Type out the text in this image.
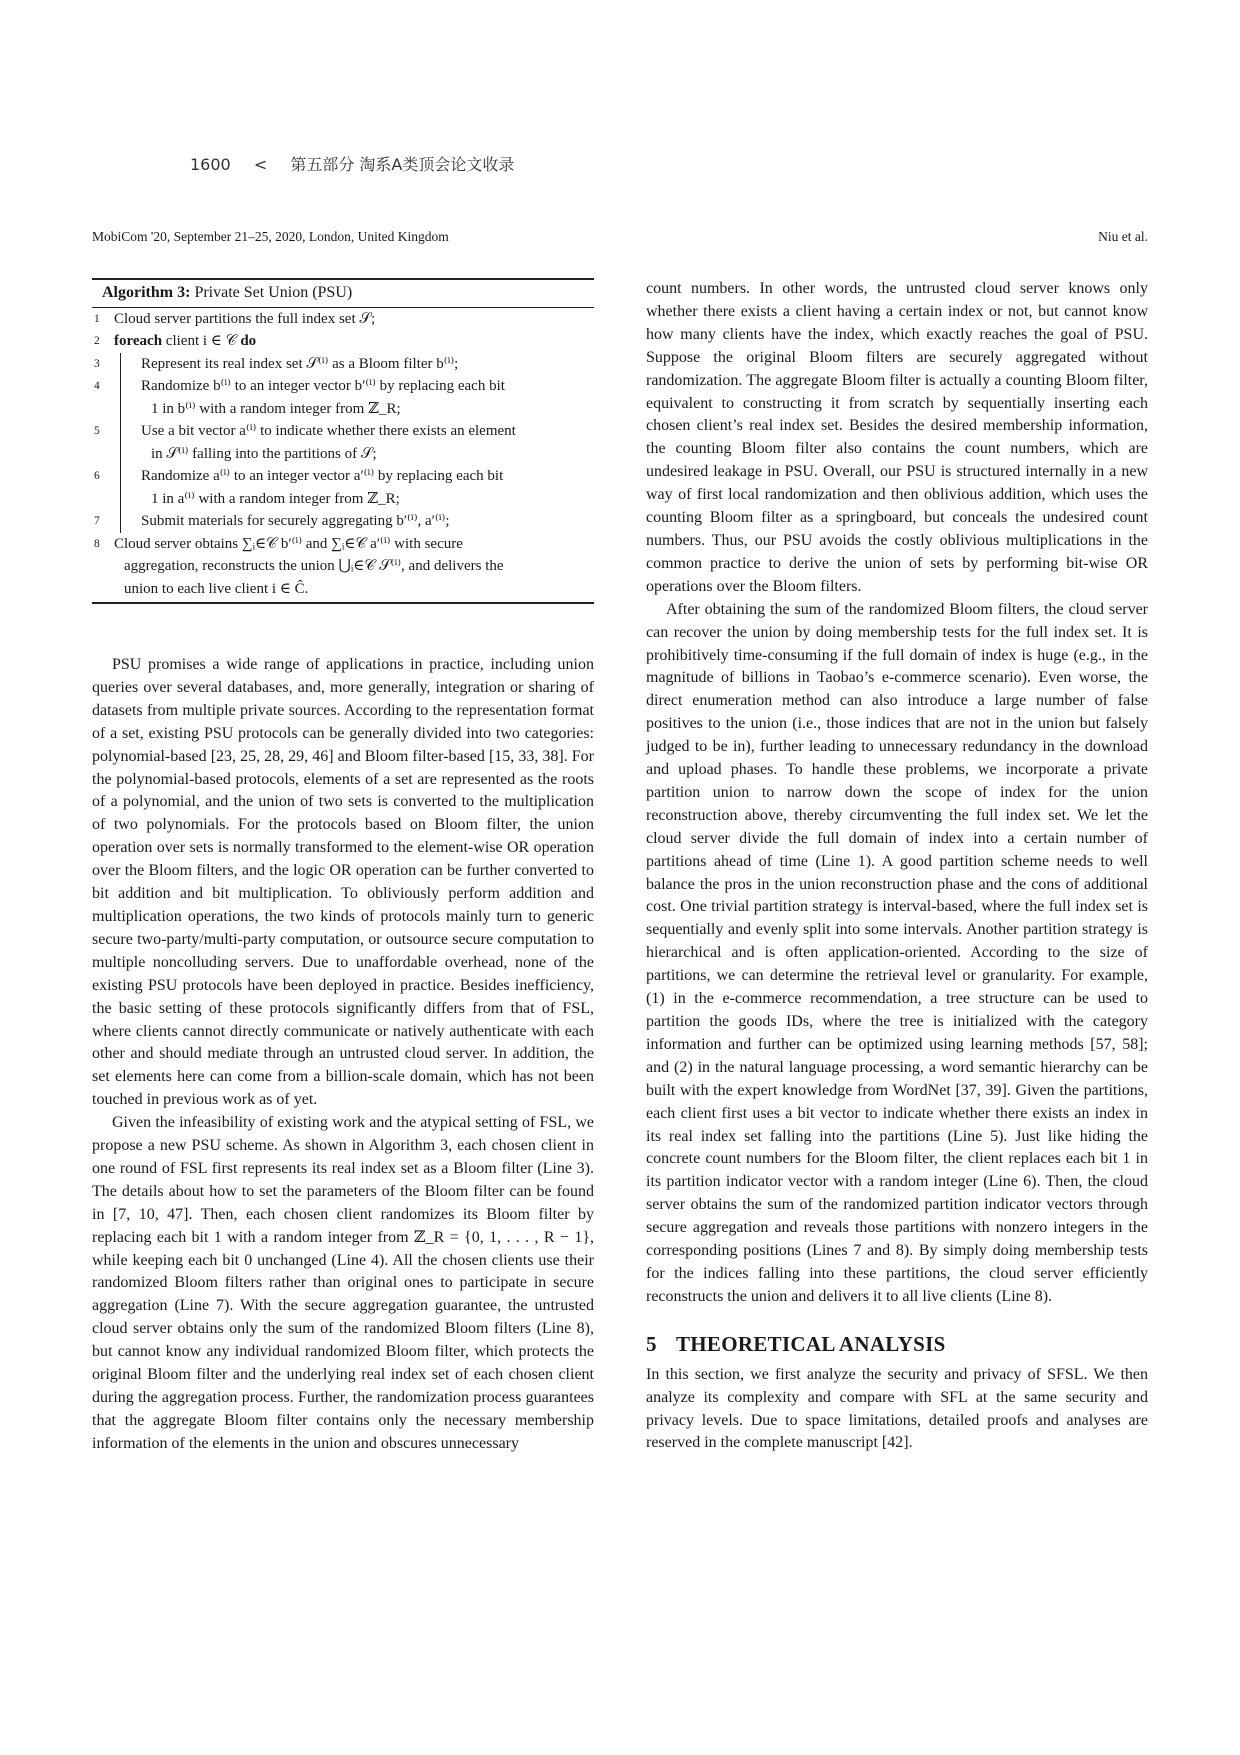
1600 < 第五部分 淘系A类顶会论文收录
MobiCom '20, September 21–25, 2020, London, United Kingdom	Niu et al.
Algorithm 3: Private Set Union (PSU)
1 Cloud server partitions the full index set 𝒮;
2 foreach client i ∈ 𝒞 do
3
4
5
6
7
Represent its real index set 𝒮⁽ⁱ⁾ as a Bloom filter b⁽ⁱ⁾;
Randomize b⁽ⁱ⁾ to an integer vector b′⁽ⁱ⁾ by replacing each bit
1 in b⁽ⁱ⁾ with a random integer from ℤ_R;
Use a bit vector a⁽ⁱ⁾ to indicate whether there exists an element
in 𝒮⁽ⁱ⁾ falling into the partitions of 𝒮;
Randomize a⁽ⁱ⁾ to an integer vector a′⁽ⁱ⁾ by replacing each bit
1 in a⁽ⁱ⁾ with a random integer from ℤ_R;
Submit materials for securely aggregating b′⁽ⁱ⁾, a′⁽ⁱ⁾;
8 Cloud server obtains ∑ᵢ∈𝒞 b′⁽ⁱ⁾ and ∑ᵢ∈𝒞 a′⁽ⁱ⁾ with secure
aggregation, reconstructs the union ⋃ᵢ∈𝒞 𝒮⁽ⁱ⁾, and delivers the
union to each live client i ∈ Ĉ.

PSU promises a wide range of applications in practice, including union queries over several databases, and, more generally, integration or sharing of datasets from multiple private sources. According to the representation format of a set, existing PSU protocols can be generally divided into two categories: polynomial-based [23, 25, 28, 29, 46] and Bloom filter-based [15, 33, 38]. For the polynomial-based protocols, elements of a set are represented as the roots of a polynomial, and the union of two sets is converted to the multiplication of two polynomials. For the protocols based on Bloom filter, the union operation over sets is normally transformed to the element-wise OR operation over the Bloom filters, and the logic OR operation can be further converted to bit addition and bit multiplication. To obliviously perform addition and multiplication operations, the two kinds of protocols mainly turn to generic secure two-party/multi-party computation, or outsource secure computation to multiple noncolluding servers. Due to unaffordable overhead, none of the existing PSU protocols have been deployed in practice. Besides inefficiency, the basic setting of these protocols significantly differs from that of FSL, where clients cannot directly communicate or natively authenticate with each other and should mediate through an untrusted cloud server. In addition, the set elements here can come from a billion-scale domain, which has not been touched in previous work as of yet.

Given the infeasibility of existing work and the atypical setting of FSL, we propose a new PSU scheme. As shown in Algorithm 3, each chosen client in one round of FSL first represents its real index set as a Bloom filter (Line 3). The details about how to set the parameters of the Bloom filter can be found in [7, 10, 47]. Then, each chosen client randomizes its Bloom filter by replacing each bit 1 with a random integer from ℤ_R = {0, 1, . . . , R − 1}, while keeping each bit 0 unchanged (Line 4). All the chosen clients use their randomized Bloom filters rather than original ones to participate in secure aggregation (Line 7). With the secure aggregation guarantee, the untrusted cloud server obtains only the sum of the randomized Bloom filters (Line 8), but cannot know any individual randomized Bloom filter, which protects the original Bloom filter and the underlying real index set of each chosen client during the aggregation process. Further, the randomization process guarantees that the aggregate Bloom filter contains only the necessary membership information of the elements in the union and obscures unnecessary

count numbers. In other words, the untrusted cloud server knows only whether there exists a client having a certain index or not, but cannot know how many clients have the index, which exactly reaches the goal of PSU. Suppose the original Bloom filters are securely aggregated without randomization. The aggregate Bloom filter is actually a counting Bloom filter, equivalent to constructing it from scratch by sequentially inserting each chosen client’s real index set. Besides the desired membership information, the counting Bloom filter also contains the count numbers, which are undesired leakage in PSU. Overall, our PSU is structured internally in a new way of first local randomization and then oblivious addition, which uses the counting Bloom filter as a springboard, but conceals the undesired count numbers. Thus, our PSU avoids the costly oblivious multiplications in the common practice to derive the union of sets by performing bit-wise OR operations over the Bloom filters.

After obtaining the sum of the randomized Bloom filters, the cloud server can recover the union by doing membership tests for the full index set. It is prohibitively time-consuming if the full domain of index is huge (e.g., in the magnitude of billions in Taobao’s e-commerce scenario). Even worse, the direct enumeration method can also introduce a large number of false positives to the union (i.e., those indices that are not in the union but falsely judged to be in), further leading to unnecessary redundancy in the download and upload phases. To handle these problems, we incorporate a private partition union to narrow down the scope of index for the union reconstruction above, thereby circumventing the full index set. We let the cloud server divide the full domain of index into a certain number of partitions ahead of time (Line 1). A good partition scheme needs to well balance the pros in the union reconstruction phase and the cons of additional cost. One trivial partition strategy is interval-based, where the full index set is sequentially and evenly split into some intervals. Another partition strategy is hierarchical and is often application-oriented. According to the size of partitions, we can determine the retrieval level or granularity. For example, (1) in the e-commerce recommendation, a tree structure can be used to partition the goods IDs, where the tree is initialized with the category information and further can be optimized using learning methods [57, 58]; and (2) in the natural language processing, a word semantic hierarchy can be built with the expert knowledge from WordNet [37, 39]. Given the partitions, each client first uses a bit vector to indicate whether there exists an index in its real index set falling into the partitions (Line 5). Just like hiding the concrete count numbers for the Bloom filter, the client replaces each bit 1 in its partition indicator vector with a random integer (Line 6). Then, the cloud server obtains the sum of the randomized partition indicator vectors through secure aggregation and reveals those partitions with nonzero integers in the corresponding positions (Lines 7 and 8). By simply doing membership tests for the indices falling into these partitions, the cloud server efficiently reconstructs the union and delivers it to all live clients (Line 8).

5 THEORETICAL ANALYSIS

In this section, we first analyze the security and privacy of SFSL. We then analyze its complexity and compare with SFL at the same security and privacy levels. Due to space limitations, detailed proofs and analyses are reserved in the complete manuscript [42].
